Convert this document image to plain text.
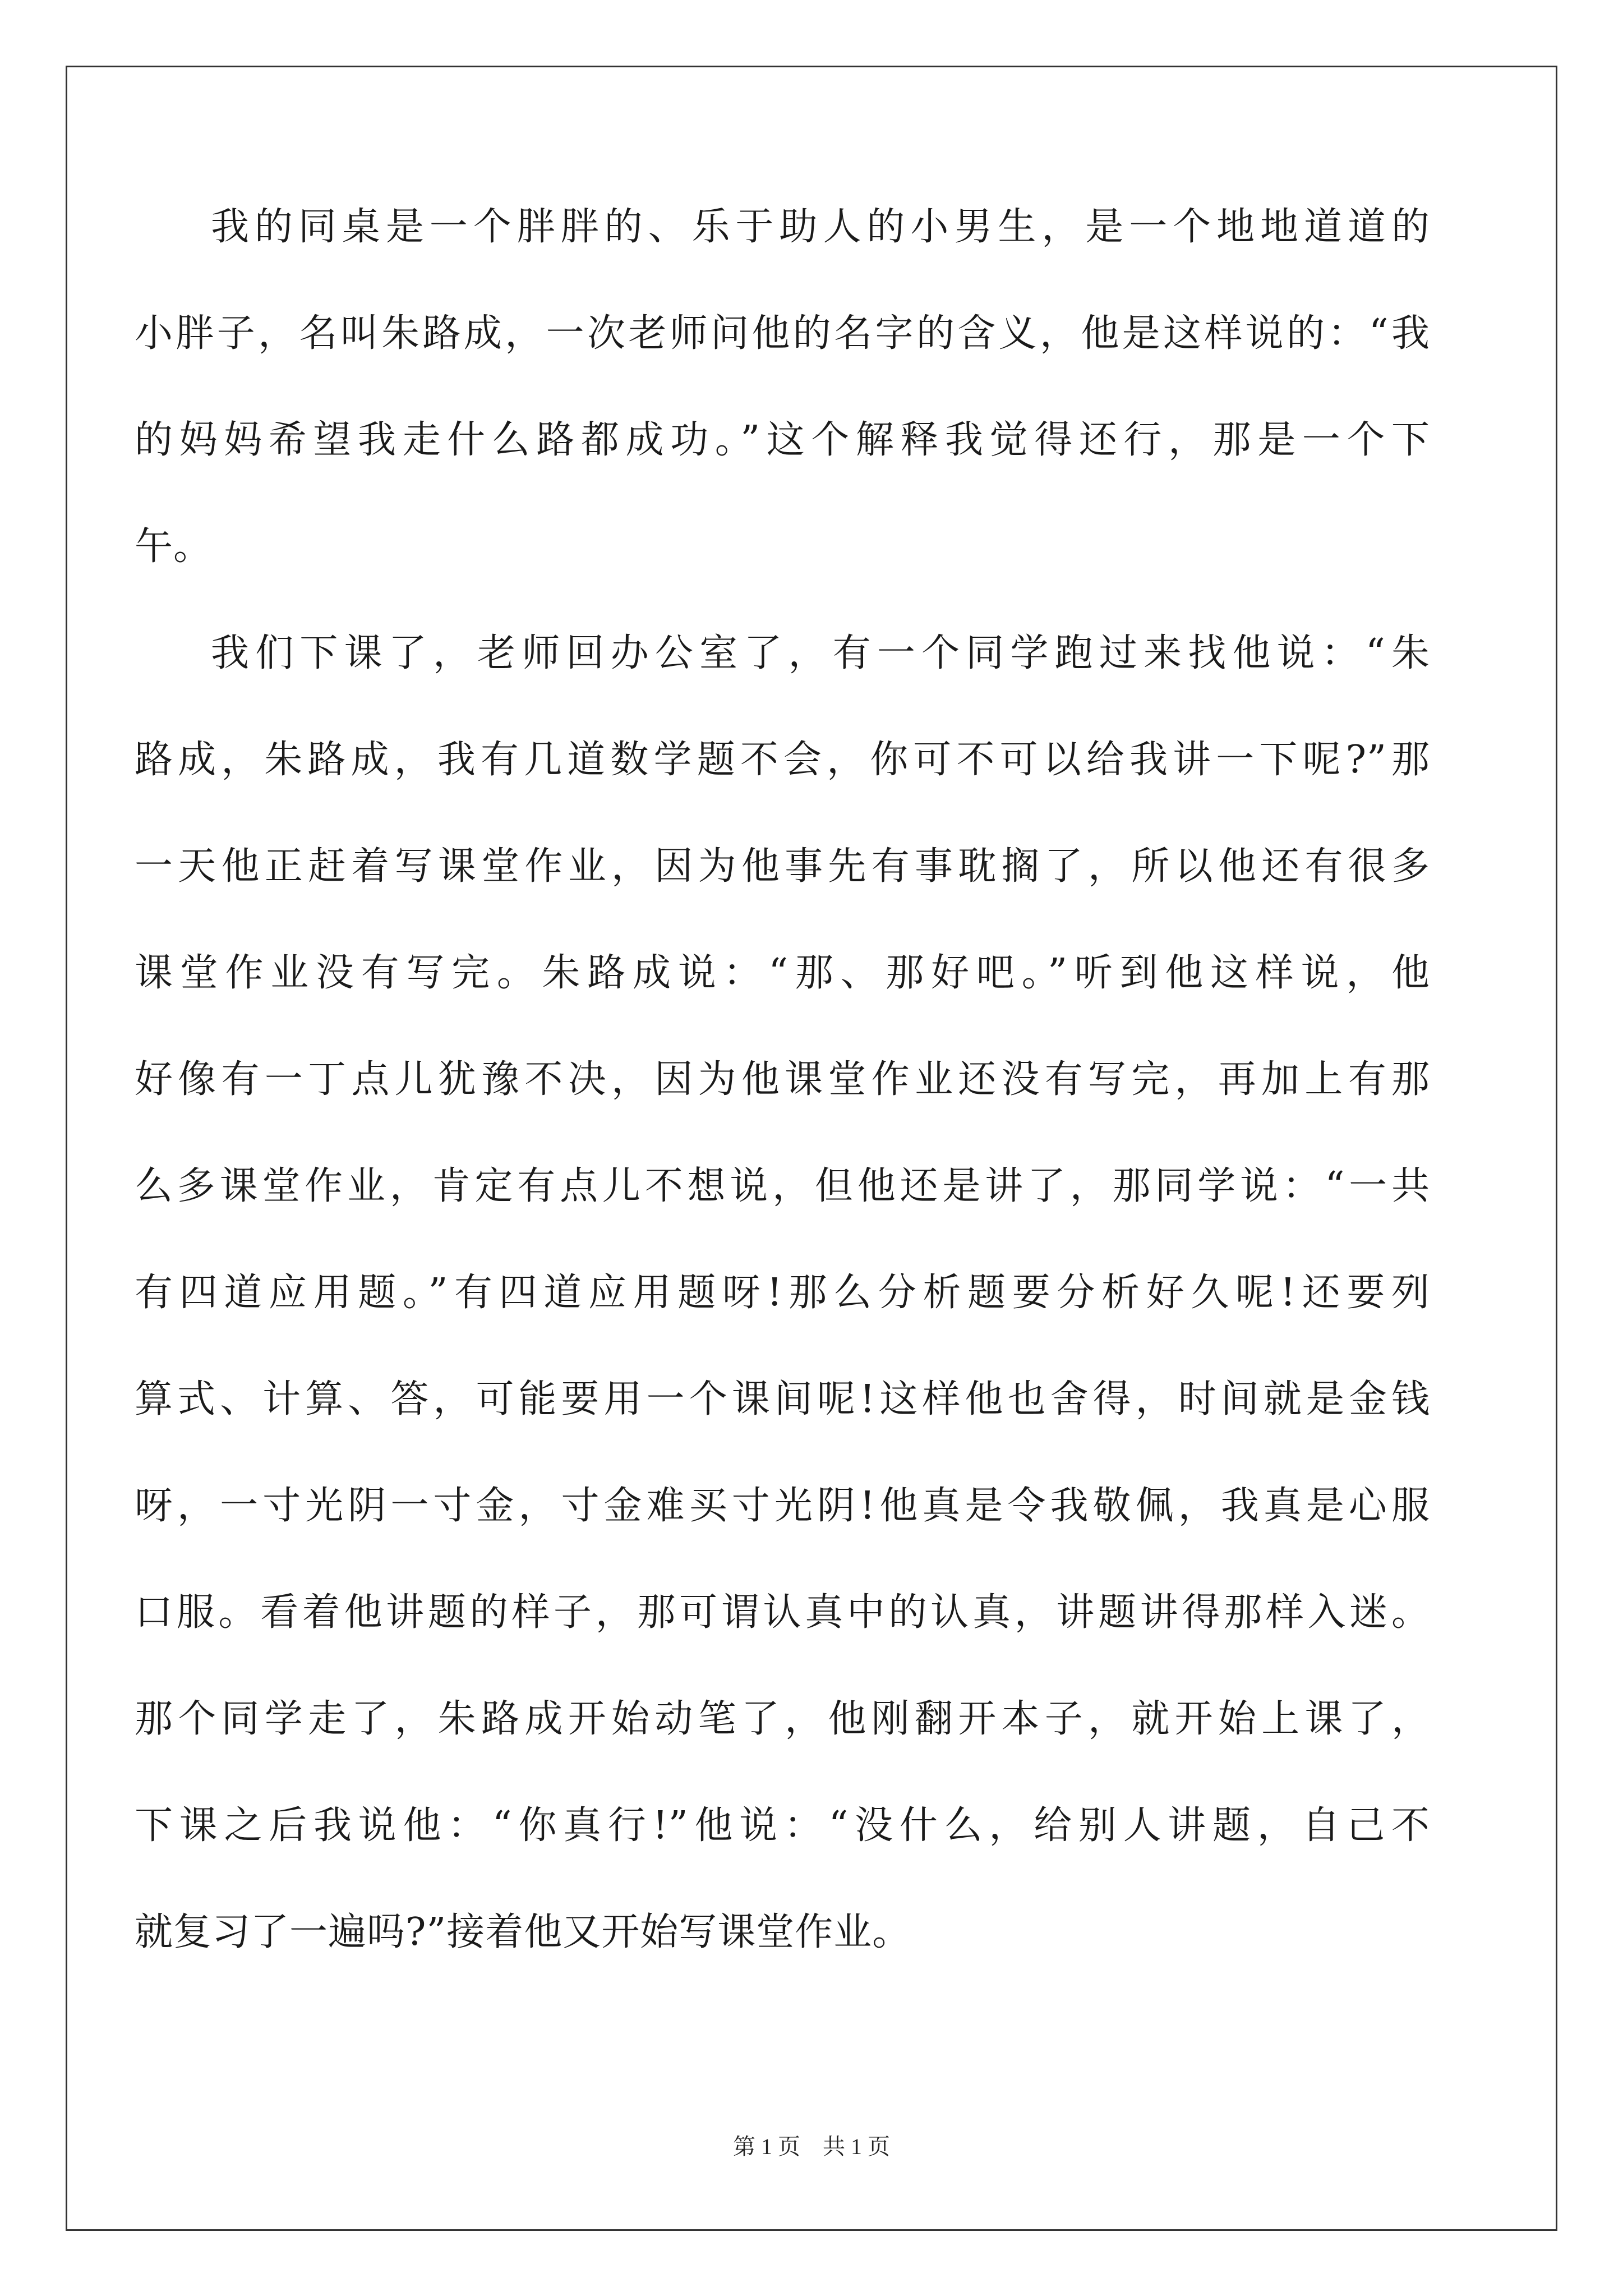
我的同桌是一个胖胖的、乐于助人的小男生，是一个地地道道的
小胖子，名叫朱路成，一次老师问他的名字的含义，他是这样说的：“我
的妈妈希望我走什么路都成功。”这个解释我觉得还行，那是一个下
午。
我们下课了，老师回办公室了，有一个同学跑过来找他说：“朱
路成，朱路成，我有几道数学题不会，你可不可以给我讲一下呢?”那
一天他正赶着写课堂作业，因为他事先有事耽搁了，所以他还有很多
课堂作业没有写完。朱路成说：“那、那好吧。”听到他这样说，他
好像有一丁点儿犹豫不决，因为他课堂作业还没有写完，再加上有那
么多课堂作业，肯定有点儿不想说，但他还是讲了，那同学说：“一共
有四道应用题。”有四道应用题呀!那么分析题要分析好久呢!还要列
算式、计算、答，可能要用一个课间呢!这样他也舍得，时间就是金钱
呀，一寸光阴一寸金，寸金难买寸光阴!他真是令我敬佩，我真是心服
口服。看着他讲题的样子，那可谓认真中的认真，讲题讲得那样入迷。
那个同学走了，朱路成开始动笔了，他刚翻开本子，就开始上课了，
下课之后我说他：“你真行!”他说：“没什么，给别人讲题，自己不
就复习了一遍吗?”接着他又开始写课堂作业。
第 1 页　共 1 页
